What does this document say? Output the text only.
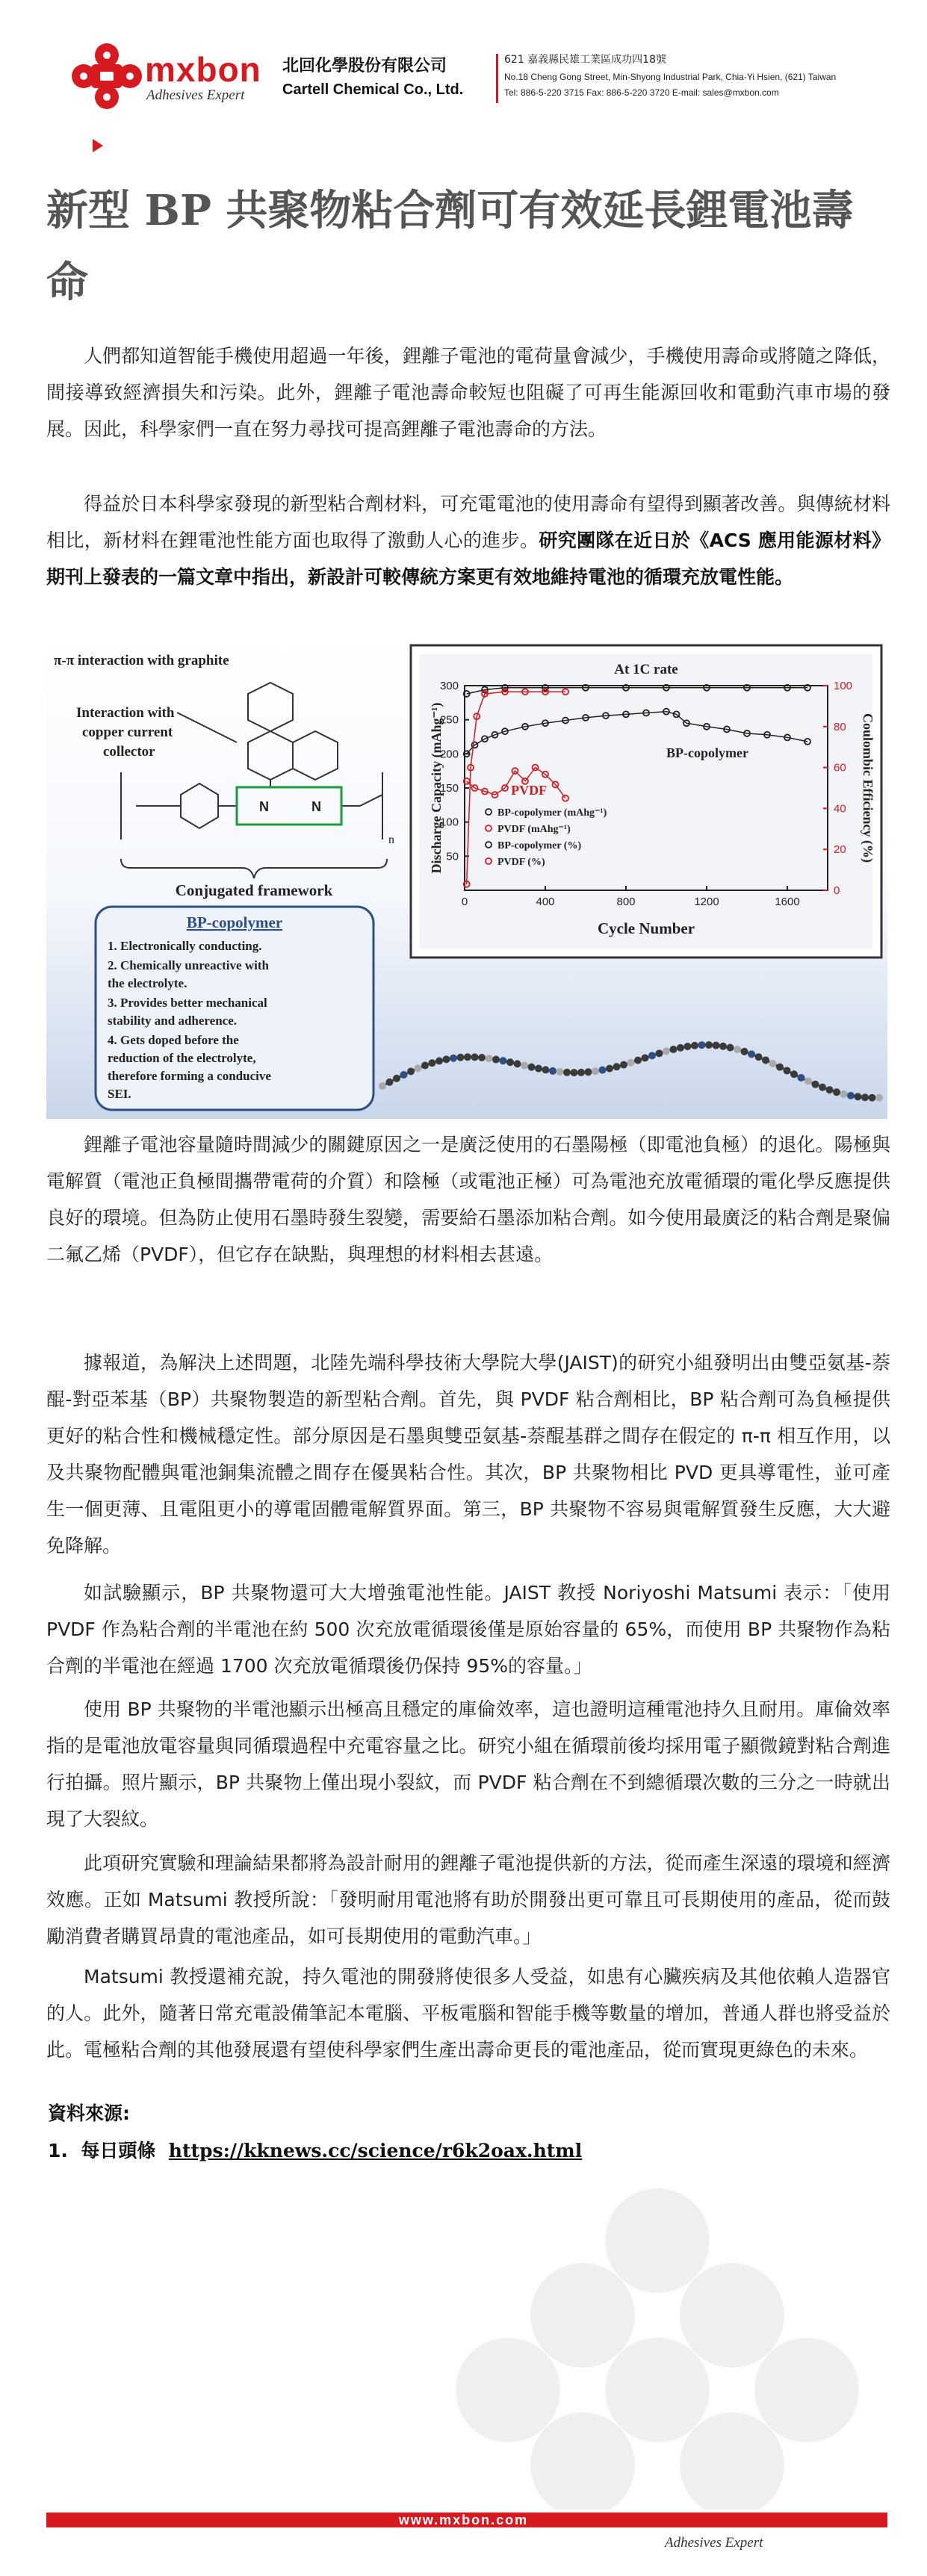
mxbon
Adhesives Expert
北回化學股份有限公司
Cartell Chemical Co., Ltd.
621 嘉義縣民雄工業區成功四18號
No.18 Cheng Gong Street, Min-Shyong Industrial Park, Chia-Yi Hsien, (621) Taiwan
Tel: 886-5-220 3715 Fax: 886-5-220 3720 E-mail: sales@mxbon.com
新型 BP 共聚物粘合劑可有效延長鋰電池壽命

人們都知道智能手機使用超過一年後，鋰離子電池的電荷量會減少，手機使用壽命或將隨之降低，間接導致經濟損失和污染。此外，鋰離子電池壽命較短也阻礙了可再生能源回收和電動汽車市場的發展。因此，科學家們一直在努力尋找可提高鋰離子電池壽命的方法。

得益於日本科學家發現的新型粘合劑材料，可充電電池的使用壽命有望得到顯著改善。與傳統材料相比，新材料在鋰電池性能方面也取得了激動人心的進步。研究團隊在近日於《ACS 應用能源材料》期刊上發表的一篇文章中指出，新設計可較傳統方案更有效地維持電池的循環充放電性能。

N	N
n
π-π interaction with graphite
Interaction with
copper current
collector
Conjugated framework
BP-copolymer
1. Electronically conducting.
2. Chemically unreactive with
the electrolyte.
3. Provides better mechanical
stability and adherence.
4. Gets doped before the
reduction of the electrolyte,
therefore forming a conducive
SEI.
At 1C rate
0	400	800	1200	1600
50
100
150
200
250
300
0
20
40
60
80
100
Cycle Number
Discharge Capacity (mAhg⁻¹)	Coulombic Efficiency (%)
BP-copolymer
PVDF
BP-copolymer (mAhg⁻¹)
PVDF (mAhg⁻¹)
BP-copolymer (%)
PVDF (%)

鋰離子電池容量隨時間減少的關鍵原因之一是廣泛使用的石墨陽極（即電池負極）的退化。陽極與電解質（電池正負極間攜帶電荷的介質）和陰極（或電池正極）可為電池充放電循環的電化學反應提供良好的環境。但為防止使用石墨時發生裂變，需要給石墨添加粘合劑。如今使用最廣泛的粘合劑是聚偏二氟乙烯（PVDF），但它存在缺點，與理想的材料相去甚遠。

據報道，為解決上述問題，北陸先端科學技術大學院大學(JAIST)的研究小組發明出由雙亞氨基-萘醌-對亞苯基（BP）共聚物製造的新型粘合劑。首先，與 PVDF 粘合劑相比，BP 粘合劑可為負極提供更好的粘合性和機械穩定性。部分原因是石墨與雙亞氨基-萘醌基群之間存在假定的 π-π 相互作用，以及共聚物配體與電池銅集流體之間存在優異粘合性。其次，BP 共聚物相比 PVD 更具導電性，並可產生一個更薄、且電阻更小的導電固體電解質界面。第三，BP 共聚物不容易與電解質發生反應，大大避免降解。

如試驗顯示，BP 共聚物還可大大增強電池性能。JAIST 教授 Noriyoshi Matsumi 表示：「使用 PVDF 作為粘合劑的半電池在約 500 次充放電循環後僅是原始容量的 65%，而使用 BP 共聚物作為粘合劑的半電池在經過 1700 次充放電循環後仍保持 95%的容量。」

使用 BP 共聚物的半電池顯示出極高且穩定的庫倫效率，這也證明這種電池持久且耐用。庫倫效率指的是電池放電容量與同循環過程中充電容量之比。研究小組在循環前後均採用電子顯微鏡對粘合劑進行拍攝。照片顯示，BP 共聚物上僅出現小裂紋，而 PVDF 粘合劑在不到總循環次數的三分之一時就出現了大裂紋。

此項研究實驗和理論結果都將為設計耐用的鋰離子電池提供新的方法，從而產生深遠的環境和經濟效應。正如 Matsumi 教授所說：「發明耐用電池將有助於開發出更可靠且可長期使用的產品，從而鼓勵消費者購買昂貴的電池產品，如可長期使用的電動汽車。」

Matsumi 教授還補充說，持久電池的開發將使很多人受益，如患有心臟疾病及其他依賴人造器官的人。此外，隨著日常充電設備筆記本電腦、平板電腦和智能手機等數量的增加，普通人群也將受益於此。電極粘合劑的其他發展還有望使科學家們生產出壽命更長的電池產品，從而實現更綠色的未來。

資料來源:
1. 每日頭條 https://kknews.cc/science/r6k2oax.html
www.mxbon.com
Adhesives Expert
